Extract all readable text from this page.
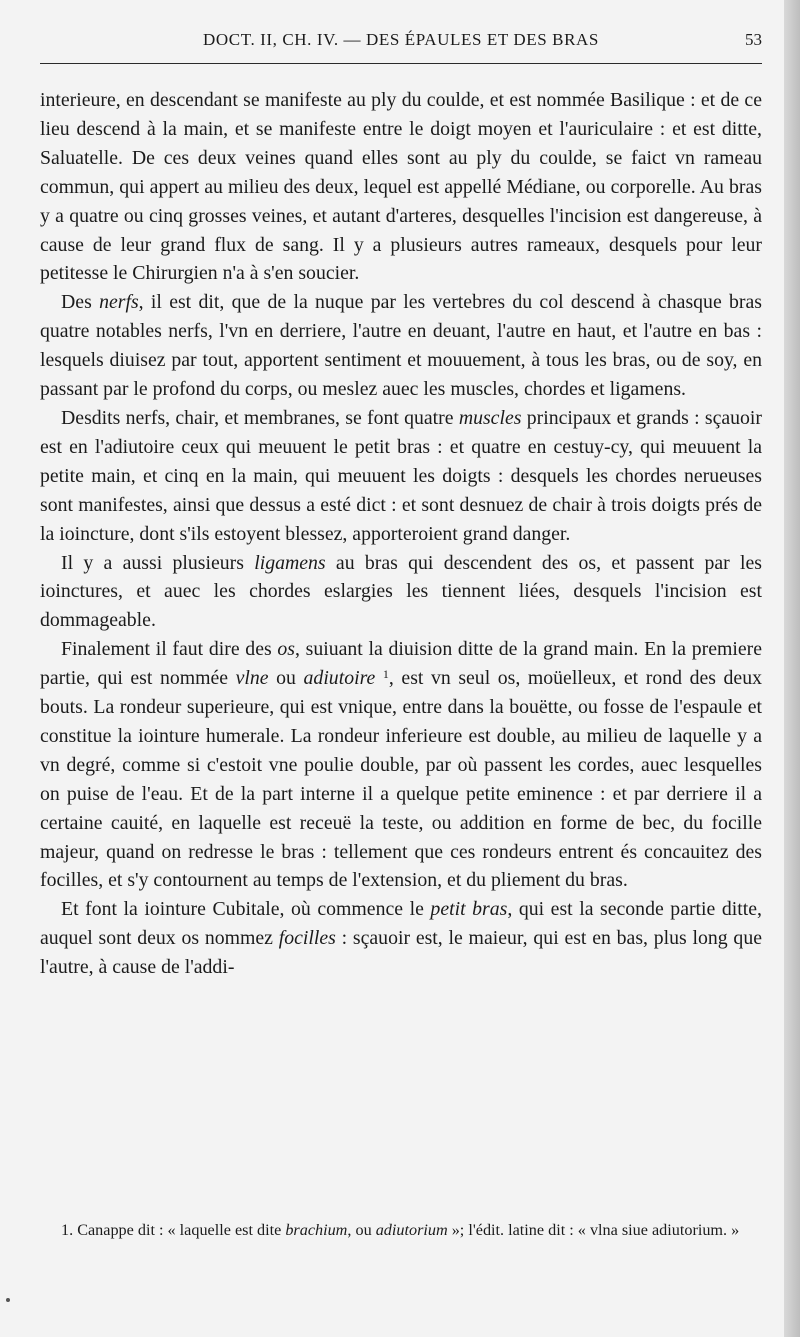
DOCT. II, CH. IV. — DES ÉPAULES ET DES BRAS	53

interieure, en descendant se manifeste au ply du coulde, et est nommée Basilique : et de ce lieu descend à la main, et se manifeste entre le doigt moyen et l'auriculaire : et est ditte, Saluatelle. De ces deux veines quand elles sont au ply du coulde, se faict vn rameau commun, qui appert au milieu des deux, lequel est appellé Médiane, ou corporelle. Au bras y a quatre ou cinq grosses veines, et autant d'arteres, desquelles l'incision est dangereuse, à cause de leur grand flux de sang. Il y a plusieurs autres rameaux, desquels pour leur petitesse le Chirurgien n'a à s'en soucier.

Des nerfs, il est dit, que de la nuque par les vertebres du col descend à chasque bras quatre notables nerfs, l'vn en derriere, l'autre en deuant, l'autre en haut, et l'autre en bas : lesquels diuisez par tout, apportent sentiment et mouuement, à tous les bras, ou de soy, en passant par le profond du corps, ou meslez auec les muscles, chordes et ligamens.

Desdits nerfs, chair, et membranes, se font quatre muscles principaux et grands : sçauoir est en l'adiutoire ceux qui meuuent le petit bras : et quatre en cestuy-cy, qui meuuent la petite main, et cinq en la main, qui meuuent les doigts : desquels les chordes nerueuses sont manifestes, ainsi que dessus a esté dict : et sont desnuez de chair à trois doigts prés de la ioincture, dont s'ils estoyent blessez, apporteroient grand danger.

Il y a aussi plusieurs ligamens au bras qui descendent des os, et passent par les ioinctures, et auec les chordes eslargies les tiennent liées, desquels l'incision est dommageable.

Finalement il faut dire des os, suiuant la diuision ditte de la grand main. En la premiere partie, qui est nommée vlne ou adiutoire $^1$, est vn seul os, moüelleux, et rond des deux bouts. La rondeur superieure, qui est vnique, entre dans la bouëtte, ou fosse de l'espaule et constitue la iointure humerale. La rondeur inferieure est double, au milieu de laquelle y a vn degré, comme si c'estoit vne poulie double, par où passent les cordes, auec lesquelles on puise de l'eau. Et de la part interne il a quelque petite eminence : et par derriere il a certaine cauité, en laquelle est receuë la teste, ou addition en forme de bec, du focille majeur, quand on redresse le bras : tellement que ces rondeurs entrent és concauitez des focilles, et s'y contournent au temps de l'extension, et du pliement du bras.

Et font la iointure Cubitale, où commence le petit bras, qui est la seconde partie ditte, auquel sont deux os nommez focilles : sçauoir est, le maieur, qui est en bas, plus long que l'autre, à cause de l'addi-

1. Canappe dit : « laquelle est dite brachium, ou adiutorium »; l'édit. latine dit : « vlna siue adiutorium. »
